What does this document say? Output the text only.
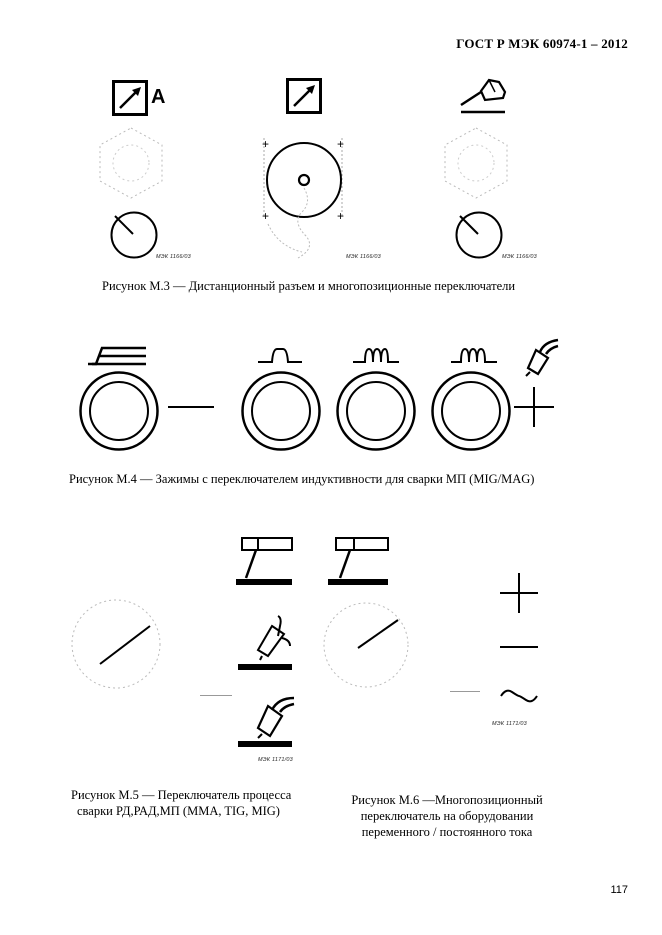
ГОСТ Р МЭК 60974-1 – 2012
A
МЭК 1166/03
+	+
+	+
МЭК 1166/03	МЭК 1166/03
Рисунок М.3 — Дистанционный разъем и многопозиционные переключатели
Рисунок М.4 — Зажимы с переключателем индуктивности для сварки МП (MIG/MAG)
МЭК 1171/03
Рисунок М.5 — Переключатель процесса
сварки РД,РАД,МП (MMA, TIG, MIG)
МЭК 1171/03
Рисунок М.6 —Многопозиционный
переключатель на оборудовании
переменного / постоянного тока
117
